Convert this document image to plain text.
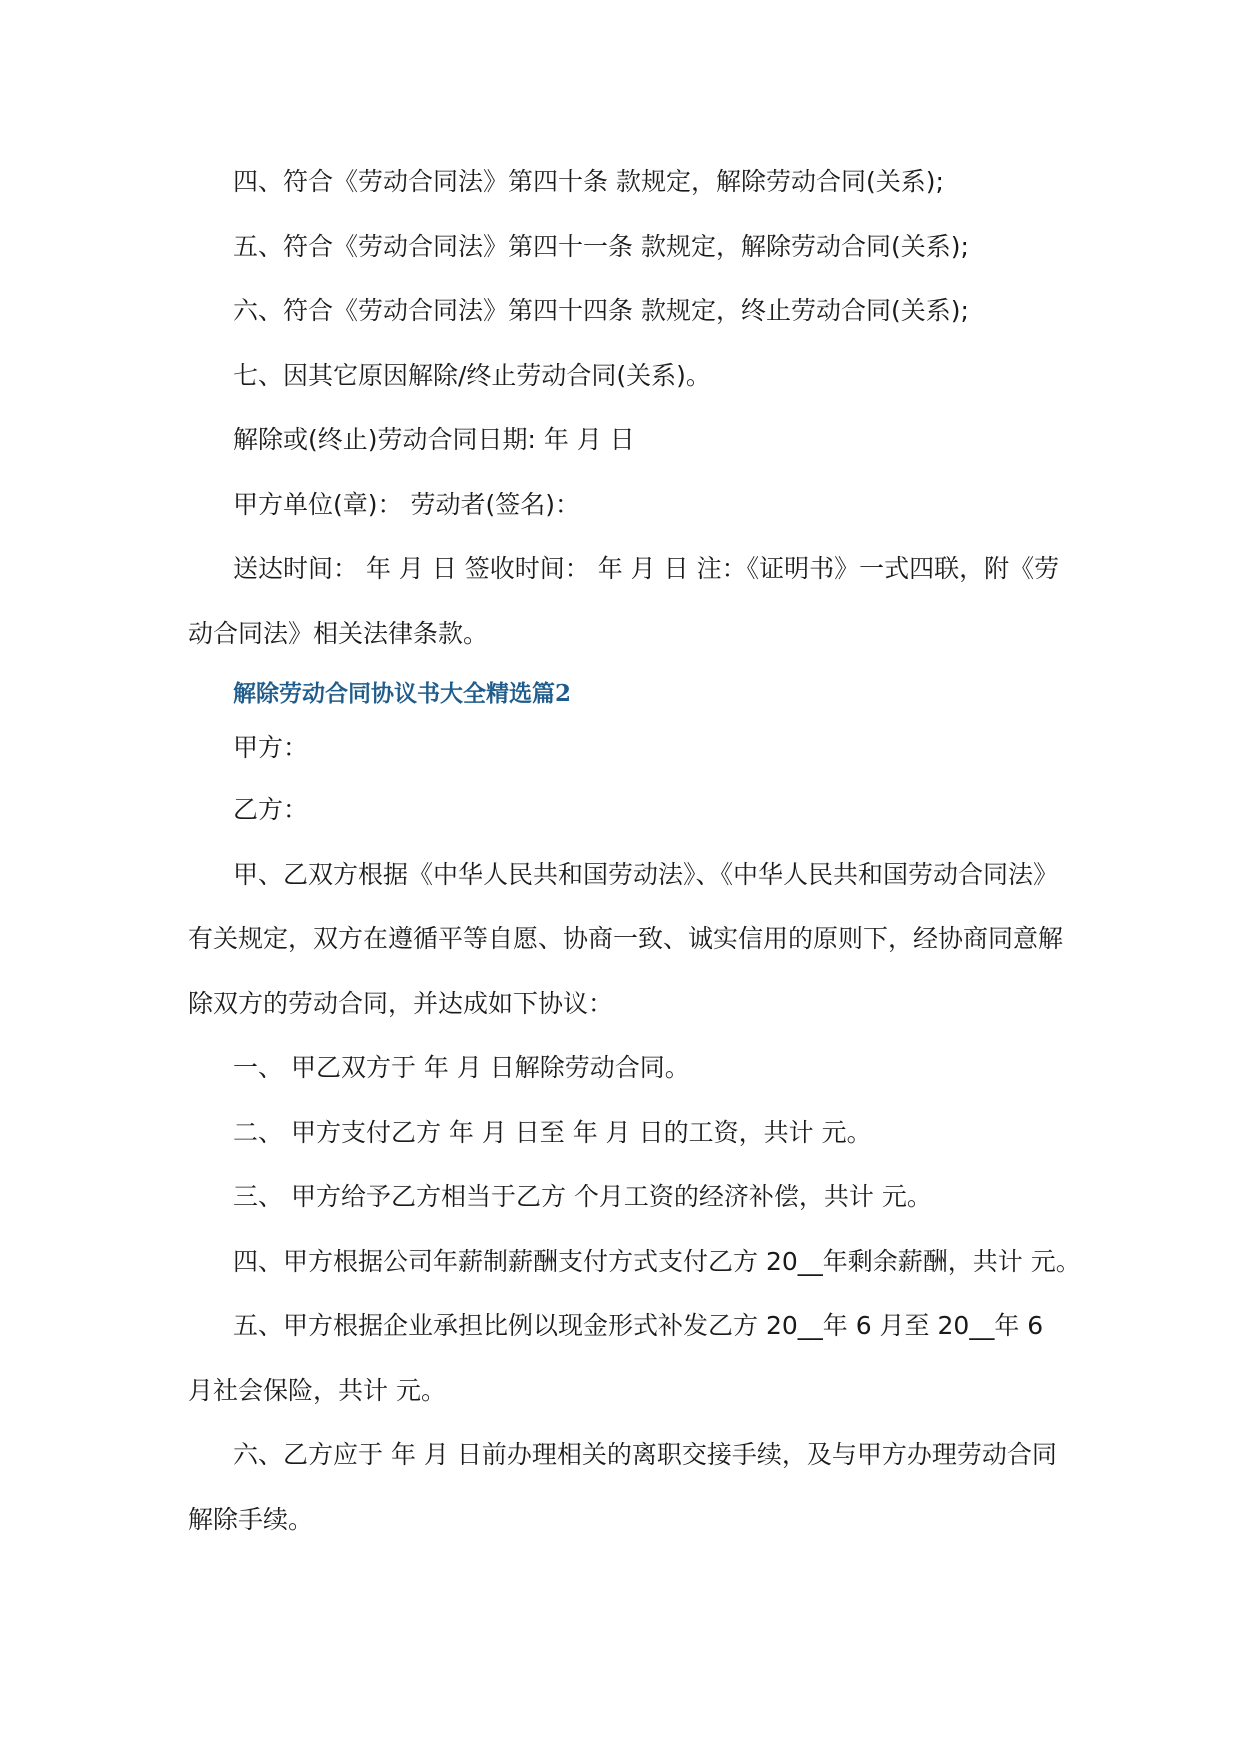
四、符合《劳动合同法》第四十条 款规定，解除劳动合同(关系);

五、符合《劳动合同法》第四十一条 款规定，解除劳动合同(关系);

六、符合《劳动合同法》第四十四条 款规定，终止劳动合同(关系);

七、因其它原因解除/终止劳动合同(关系)。

解除或(终止)劳动合同日期: 年 月 日

甲方单位(章)： 劳动者(签名)：

送达时间： 年 月 日 签收时间： 年 月 日 注：《证明书》一式四联，附《劳动合同法》相关法律条款。

解除劳动合同协议书大全精选篇2

甲方：

乙方：

甲、乙双方根据《中华人民共和国劳动法》、《中华人民共和国劳动合同法》有关规定，双方在遵循平等自愿、协商一致、诚实信用的原则下，经协商同意解除双方的劳动合同，并达成如下协议：

一、 甲乙双方于 年 月 日解除劳动合同。

二、 甲方支付乙方 年 月 日至 年 月 日的工资，共计 元。

三、 甲方给予乙方相当于乙方 个月工资的经济补偿，共计 元。

四、甲方根据公司年薪制薪酬支付方式支付乙方 20__年剩余薪酬，共计 元。

五、甲方根据企业承担比例以现金形式补发乙方 20__年 6 月至 20__年 6 月社会保险，共计 元。

六、乙方应于 年 月 日前办理相关的离职交接手续，及与甲方办理劳动合同解除手续。
